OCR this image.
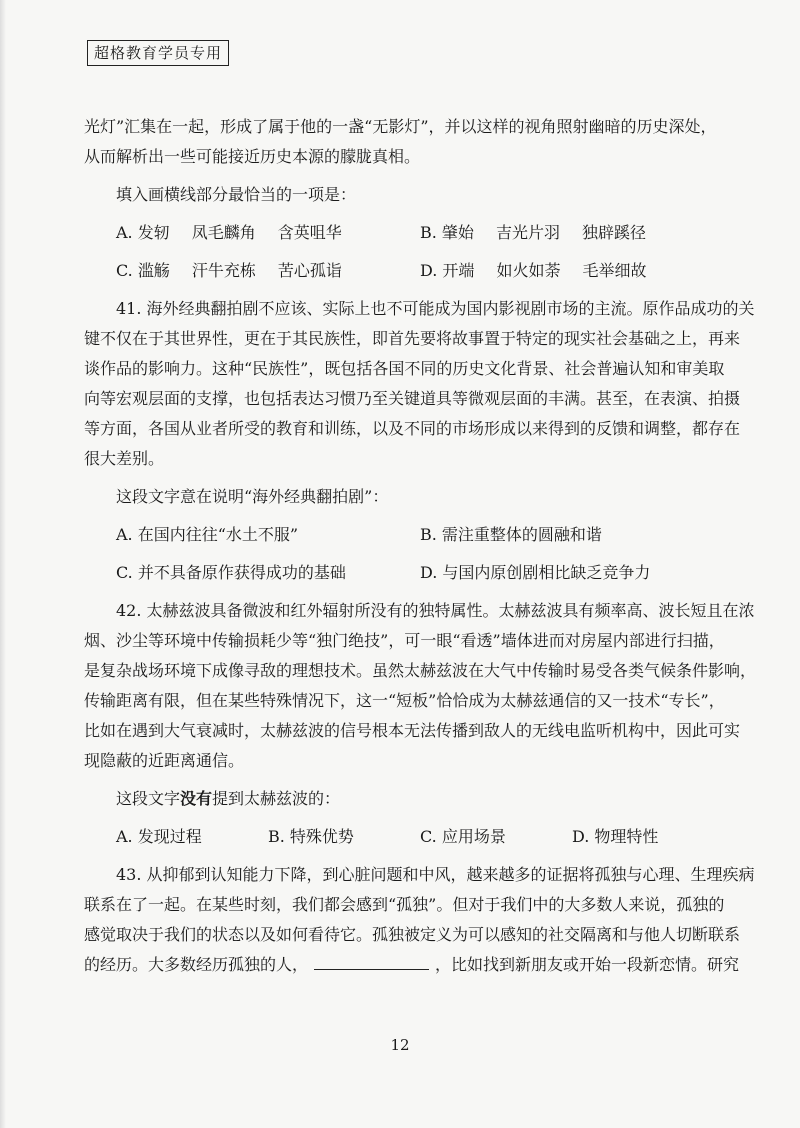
超格教育学员专用
光灯”汇集在一起，形成了属于他的一盏“无影灯”，并以这样的视角照射幽暗的历史深处，
从而解析出一些可能接近历史本源的朦胧真相。
填入画横线部分最恰当的一项是：
A. 发轫 凤毛麟角 含英咀华	B. 肇始 吉光片羽 独辟蹊径
C. 滥觞 汗牛充栋 苦心孤诣	D. 开端 如火如荼 毛举细故
41. 海外经典翻拍剧不应该、实际上也不可能成为国内影视剧市场的主流。原作品成功的关
键不仅在于其世界性，更在于其民族性，即首先要将故事置于特定的现实社会基础之上，再来
谈作品的影响力。这种“民族性”，既包括各国不同的历史文化背景、社会普遍认知和审美取
向等宏观层面的支撑，也包括表达习惯乃至关键道具等微观层面的丰满。甚至，在表演、拍摄
等方面，各国从业者所受的教育和训练，以及不同的市场形成以来得到的反馈和调整，都存在
很大差别。
这段文字意在说明“海外经典翻拍剧”：
A. 在国内往往“水土不服”	B. 需注重整体的圆融和谐
C. 并不具备原作获得成功的基础	D. 与国内原创剧相比缺乏竞争力
42. 太赫兹波具备微波和红外辐射所没有的独特属性。太赫兹波具有频率高、波长短且在浓
烟、沙尘等环境中传输损耗少等“独门绝技”，可一眼“看透”墙体进而对房屋内部进行扫描，
是复杂战场环境下成像寻敌的理想技术。虽然太赫兹波在大气中传输时易受各类气候条件影响，
传输距离有限，但在某些特殊情况下，这一“短板”恰恰成为太赫兹通信的又一技术“专长”，
比如在遇到大气衰减时，太赫兹波的信号根本无法传播到敌人的无线电监听机构中，因此可实
现隐蔽的近距离通信。
这段文字没有提到太赫兹波的：
A. 发现过程	B. 特殊优势	C. 应用场景	D. 物理特性
43. 从抑郁到认知能力下降，到心脏问题和中风，越来越多的证据将孤独与心理、生理疾病
联系在了一起。在某些时刻，我们都会感到“孤独”。但对于我们中的大多数人来说，孤独的
感觉取决于我们的状态以及如何看待它。孤独被定义为可以感知的社交隔离和与他人切断联系
的经历。大多数经历孤独的人，	，比如找到新朋友或开始一段新恋情。研究
12
